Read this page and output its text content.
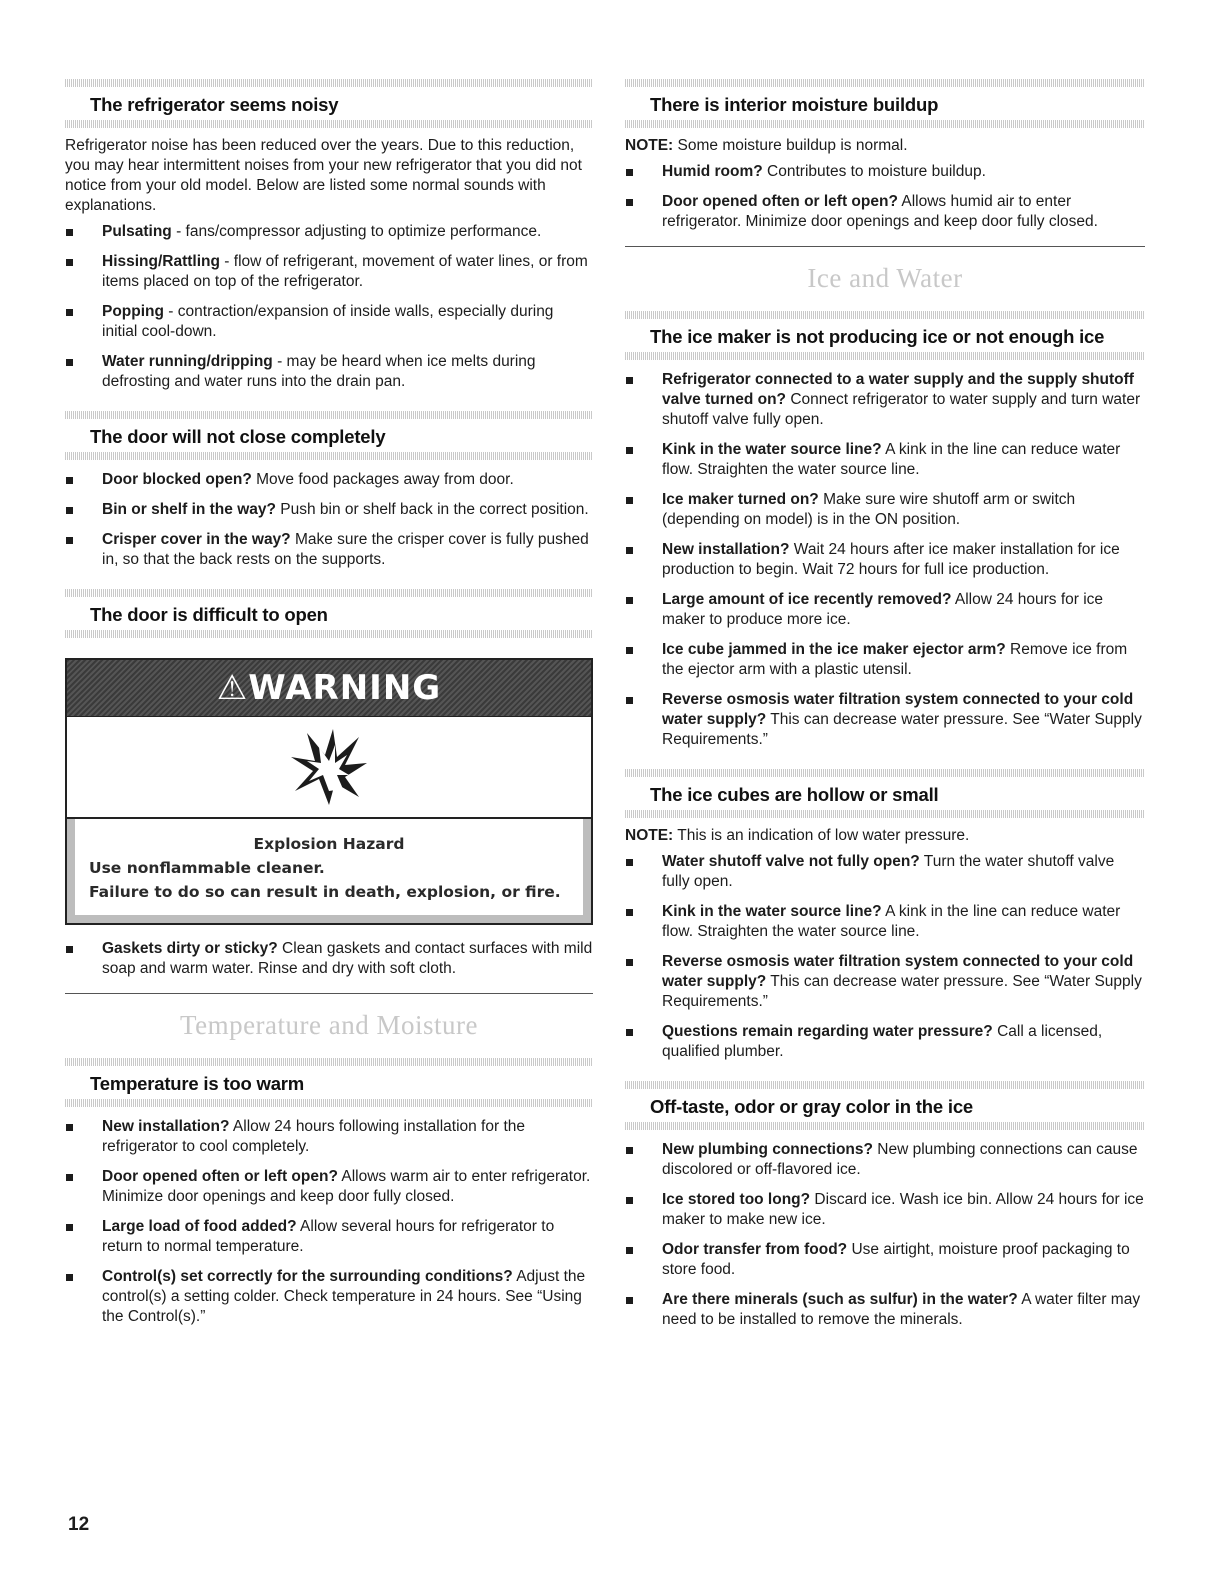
The refrigerator seems noisy

Refrigerator noise has been reduced over the years. Due to this reduction, you may hear intermittent noises from your new refrigerator that you did not notice from your old model. Below are listed some normal sounds with explanations.

Pulsating - fans/compressor adjusting to optimize performance.
Hissing/Rattling - flow of refrigerant, movement of water lines, or from items placed on top of the refrigerator.
Popping - contraction/expansion of inside walls, especially during initial cool-down.
Water running/dripping - may be heard when ice melts during defrosting and water runs into the drain pan.
The door will not close completely
Door blocked open? Move food packages away from door.
Bin or shelf in the way? Push bin or shelf back in the correct position.
Crisper cover in the way? Make sure the crisper cover is fully pushed in, so that the back rests on the supports.
The door is difficult to open
⚠WARNING
Explosion Hazard
Use nonflammable cleaner.
Failure to do so can result in death, explosion, or fire.
Gaskets dirty or sticky? Clean gaskets and contact surfaces with mild soap and warm water. Rinse and dry with soft cloth.
Temperature and Moisture
Temperature is too warm
New installation? Allow 24 hours following installation for the refrigerator to cool completely.
Door opened often or left open? Allows warm air to enter refrigerator. Minimize door openings and keep door fully closed.
Large load of food added? Allow several hours for refrigerator to return to normal temperature.
Control(s) set correctly for the surrounding conditions? Adjust the control(s) a setting colder. Check temperature in 24 hours. See “Using the Control(s).”
There is interior moisture buildup

NOTE: Some moisture buildup is normal.

Humid room? Contributes to moisture buildup.
Door opened often or left open? Allows humid air to enter refrigerator. Minimize door openings and keep door fully closed.
Ice and Water
The ice maker is not producing ice or not enough ice
Refrigerator connected to a water supply and the supply shutoff valve turned on? Connect refrigerator to water supply and turn water shutoff valve fully open.
Kink in the water source line? A kink in the line can reduce water flow. Straighten the water source line.
Ice maker turned on? Make sure wire shutoff arm or switch (depending on model) is in the ON position.
New installation? Wait 24 hours after ice maker installation for ice production to begin. Wait 72 hours for full ice production.
Large amount of ice recently removed? Allow 24 hours for ice maker to produce more ice.
Ice cube jammed in the ice maker ejector arm? Remove ice from the ejector arm with a plastic utensil.
Reverse osmosis water filtration system connected to your cold water supply? This can decrease water pressure. See “Water Supply Requirements.”
The ice cubes are hollow or small

NOTE: This is an indication of low water pressure.

Water shutoff valve not fully open? Turn the water shutoff valve fully open.
Kink in the water source line? A kink in the line can reduce water flow. Straighten the water source line.
Reverse osmosis water filtration system connected to your cold water supply? This can decrease water pressure. See “Water Supply Requirements.”
Questions remain regarding water pressure? Call a licensed, qualified plumber.
Off-taste, odor or gray color in the ice
New plumbing connections? New plumbing connections can cause discolored or off-flavored ice.
Ice stored too long? Discard ice. Wash ice bin. Allow 24 hours for ice maker to make new ice.
Odor transfer from food? Use airtight, moisture proof packaging to store food.
Are there minerals (such as sulfur) in the water? A water filter may need to be installed to remove the minerals.
12
